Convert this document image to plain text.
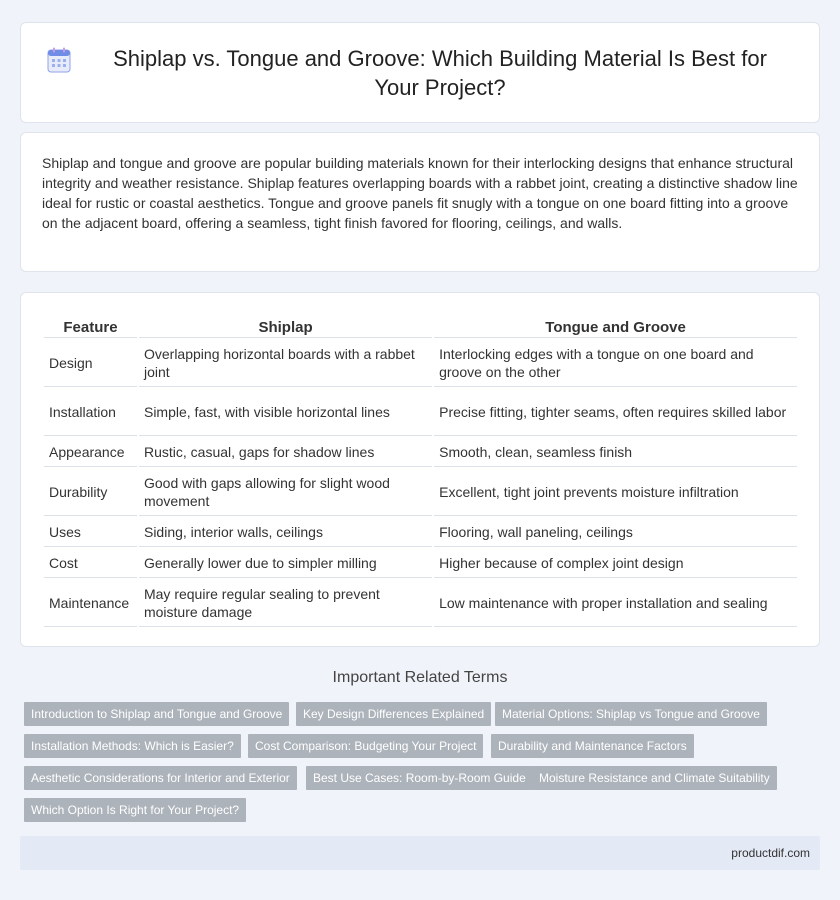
Shiplap vs. Tongue and Groove: Which Building Material Is Best for Your Project?

Shiplap and tongue and groove are popular building materials known for their interlocking designs that enhance structural integrity and weather resistance. Shiplap features overlapping boards with a rabbet joint, creating a distinctive shadow line ideal for rustic or coastal aesthetics. Tongue and groove panels fit snugly with a tongue on one board fitting into a groove on the adjacent board, offering a seamless, tight finish favored for flooring, ceilings, and walls.

Feature	Shiplap	Tongue and Groove
Design	Overlapping horizontal boards with a rabbet joint	Interlocking edges with a tongue on one board and groove on the other
Installation	Simple, fast, with visible horizontal lines	Precise fitting, tighter seams, often requires skilled labor
Appearance	Rustic, casual, gaps for shadow lines	Smooth, clean, seamless finish
Durability	Good with gaps allowing for slight wood movement	Excellent, tight joint prevents moisture infiltration
Uses	Siding, interior walls, ceilings	Flooring, wall paneling, ceilings
Cost	Generally lower due to simpler milling	Higher because of complex joint design
Maintenance	May require regular sealing to prevent moisture damage	Low maintenance with proper installation and sealing
Important Related Terms
Introduction to Shiplap and Tongue and Groove	Key Design Differences Explained	Material Options: Shiplap vs Tongue and Groove
Installation Methods: Which is Easier?	Cost Comparison: Budgeting Your Project	Durability and Maintenance Factors
Aesthetic Considerations for Interior and Exterior	Best Use Cases: Room-by-Room Guide	Moisture Resistance and Climate Suitability
Which Option Is Right for Your Project?
productdif.com
